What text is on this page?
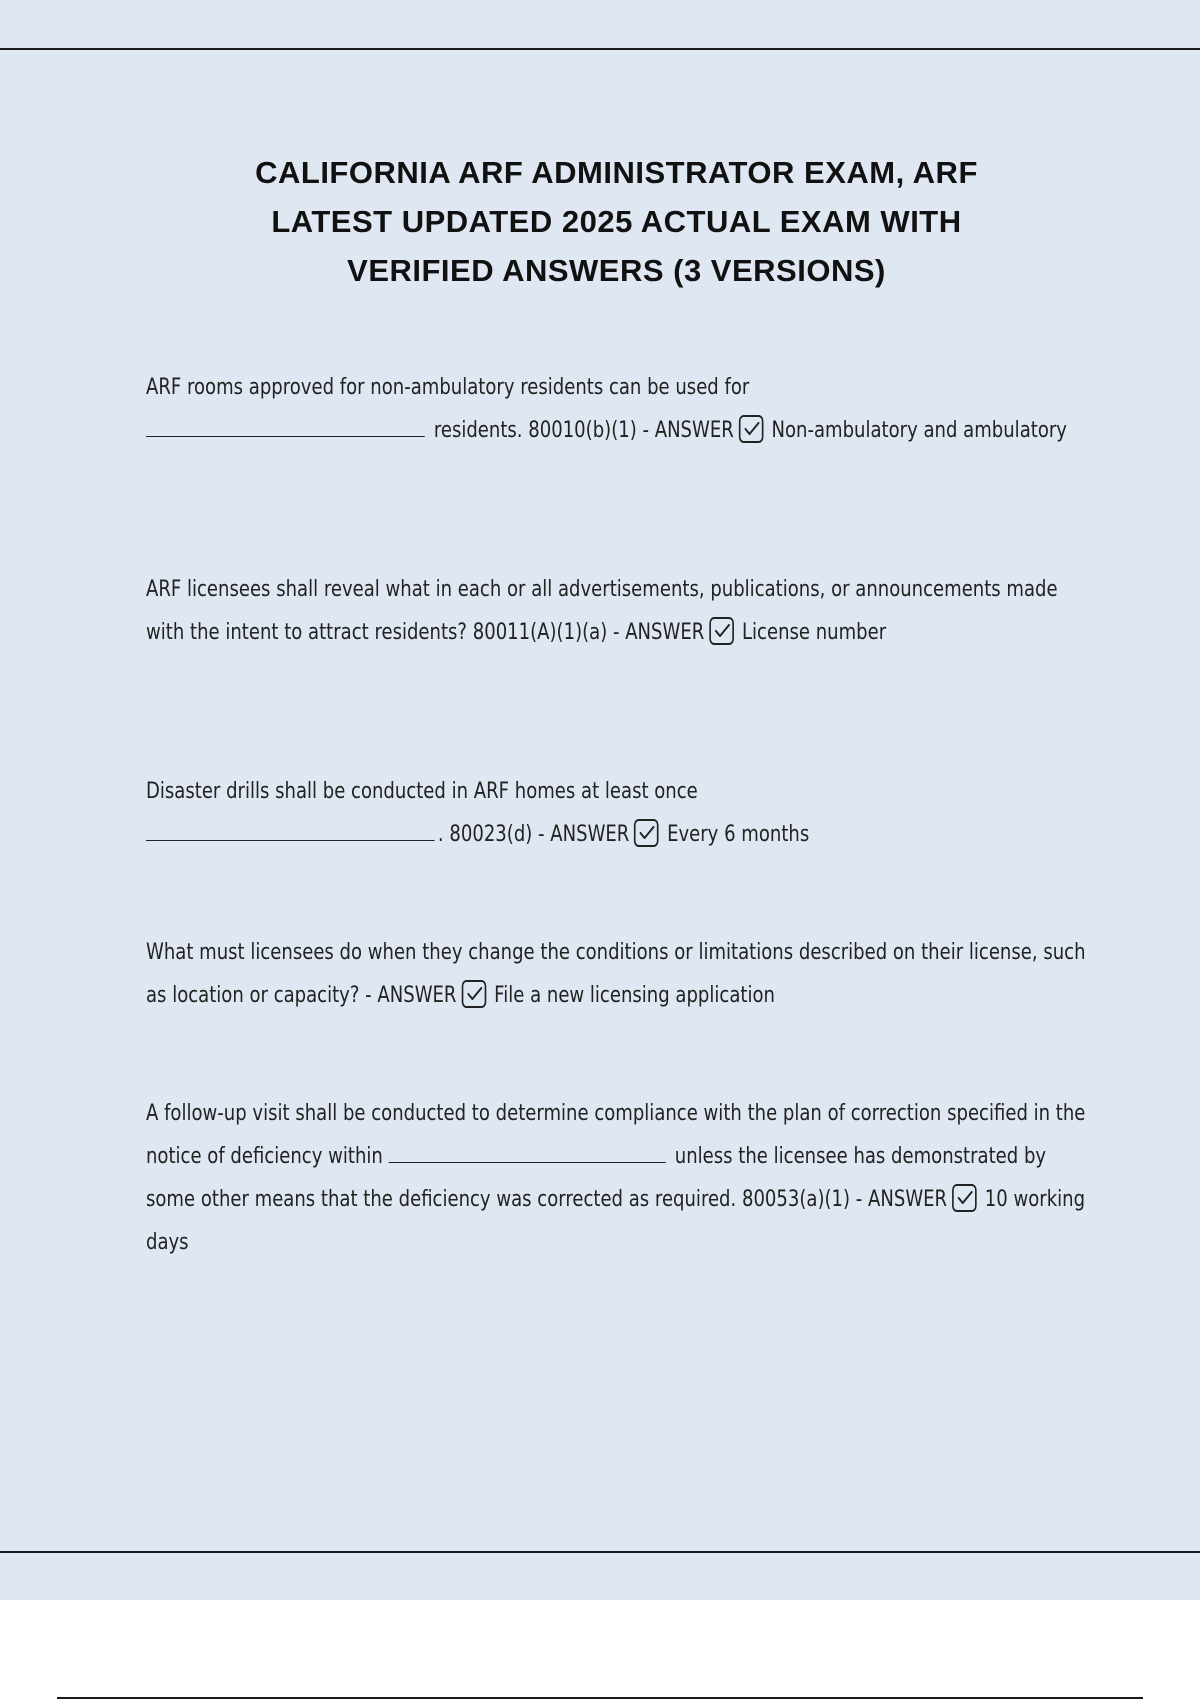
CALIFORNIA ARF ADMINISTRATOR EXAM, ARF
LATEST UPDATED 2025 ACTUAL EXAM WITH
VERIFIED ANSWERS (3 VERSIONS)
ARF rooms approved for non-ambulatory residents can be used for
residents. 80010(b)(1) - ANSWER Non-ambulatory and ambulatory
ARF licensees shall reveal what in each or all advertisements, publications, or announcements made with the intent to attract residents? 80011(A)(1)(a) - ANSWER License number
Disaster drills shall be conducted in ARF homes at least once
. 80023(d) - ANSWER Every 6 months
What must licensees do when they change the conditions or limitations described on their license, such as location or capacity? - ANSWER File a new licensing application
A follow-up visit shall be conducted to determine compliance with the plan of correction specified in the notice of deficiency within	unless the licensee has demonstrated by some other means that the deficiency was corrected as required. 80053(a)(1) - ANSWER 10 working days
